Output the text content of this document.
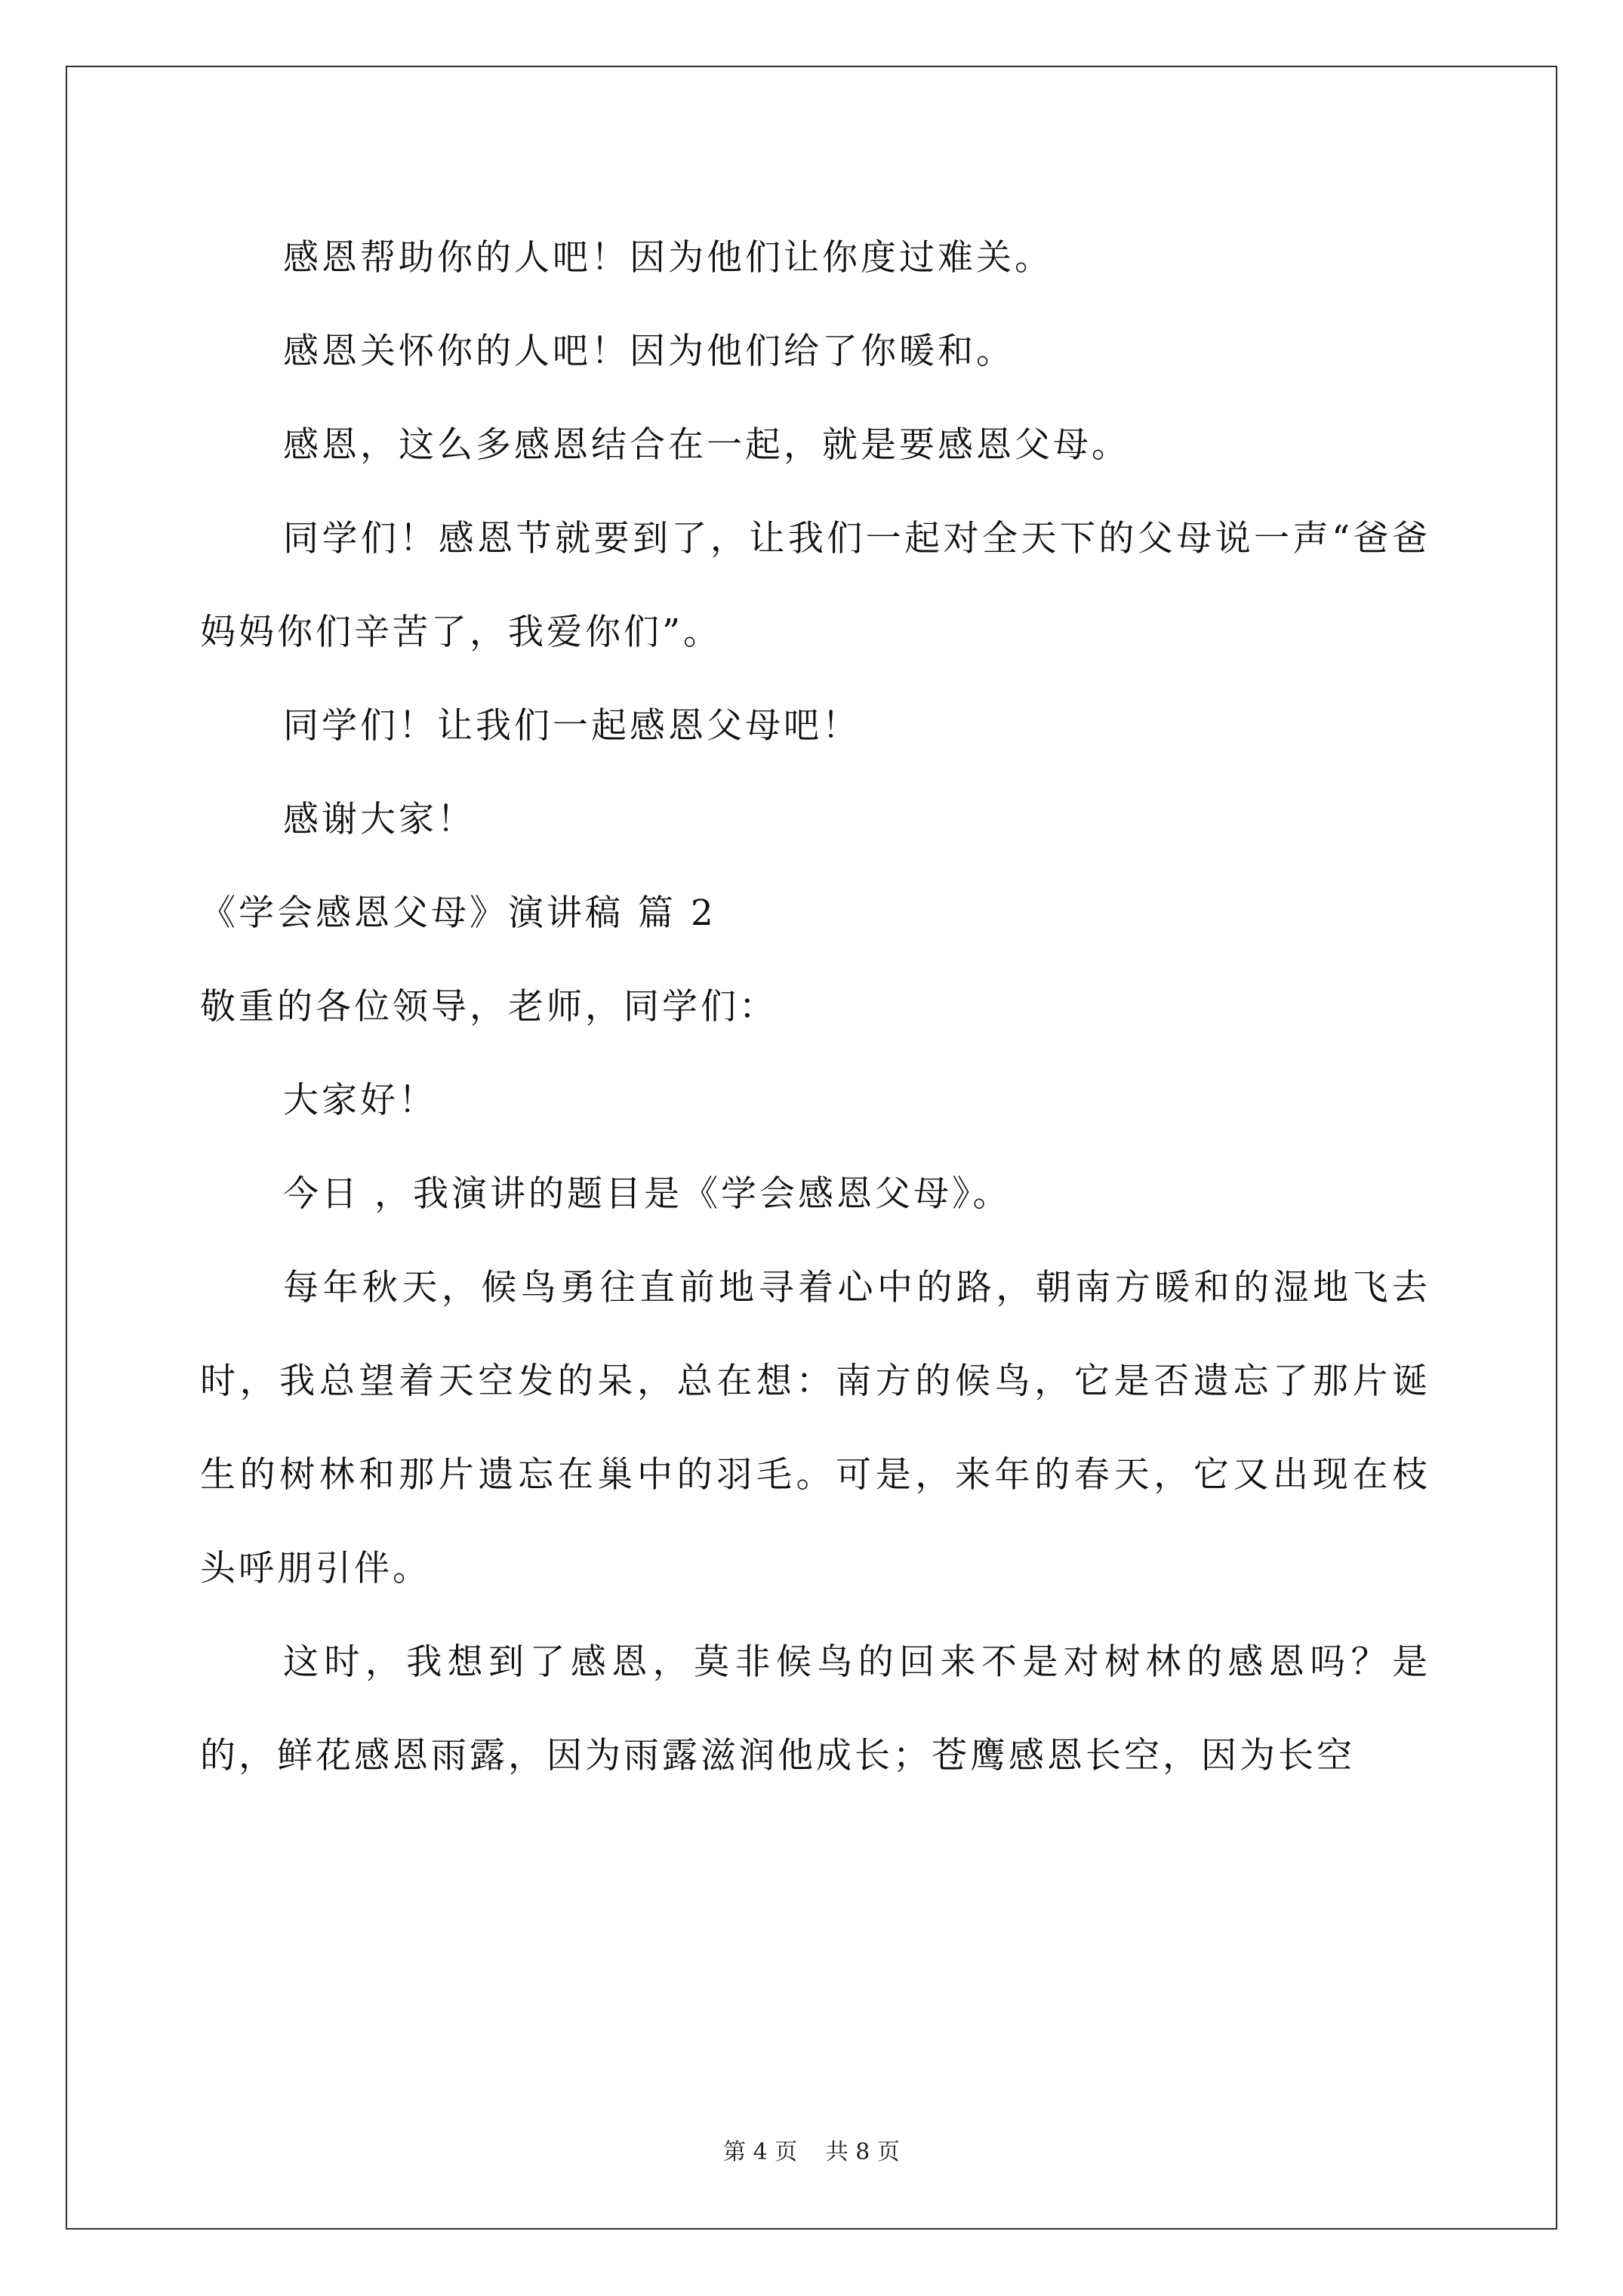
感恩帮助你的人吧！因为他们让你度过难关。

感恩关怀你的人吧！因为他们给了你暖和。

感恩，这么多感恩结合在一起，就是要感恩父母。

同学们！感恩节就要到了，让我们一起对全天下的父母说一声“爸爸妈妈你们辛苦了，我爱你们”。

同学们！让我们一起感恩父母吧！

感谢大家！

《学会感恩父母》演讲稿 篇 2

敬重的各位领导，老师，同学们：

大家好！

今日 ，我演讲的题目是《学会感恩父母》。

每年秋天，候鸟勇往直前地寻着心中的路，朝南方暖和的湿地飞去时，我总望着天空发的呆，总在想：南方的候鸟，它是否遗忘了那片诞生的树林和那片遗忘在巢中的羽毛。可是，来年的春天，它又出现在枝头呼朋引伴。

这时，我想到了感恩，莫非候鸟的回来不是对树林的感恩吗？是的，鲜花感恩雨露，因为雨露滋润他成长；苍鹰感恩长空，因为长空

第 4 页 共 8 页
